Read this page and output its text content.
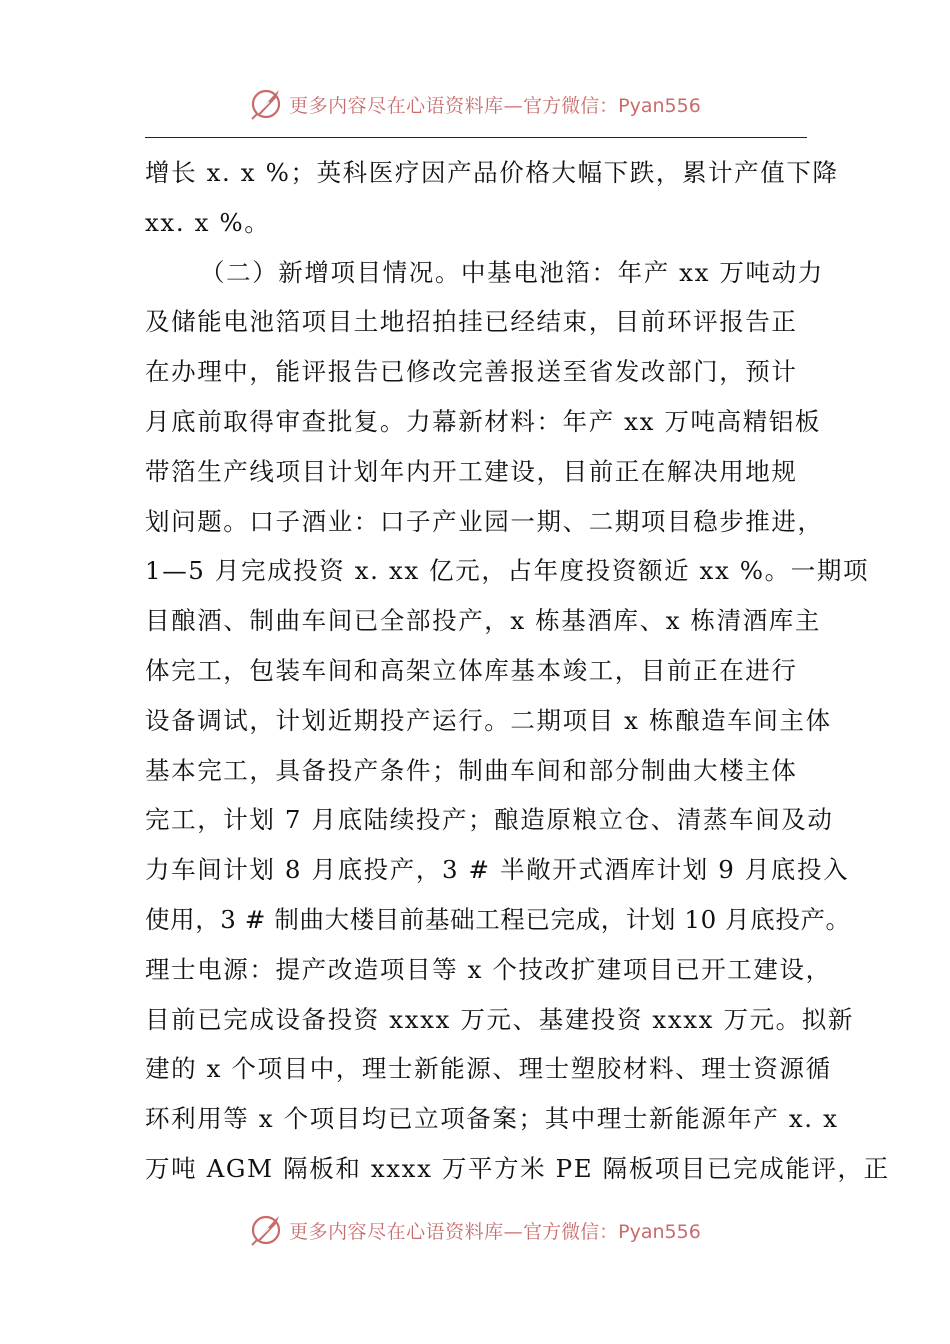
更多内容尽在心语资料库— 官方微信：Pyan556
增长 x. x %；英科医疗因产品价格大幅下跌，累计产值下降
xx. x %。
（二）新增项目情况。中基电池箔：年产 xx 万吨动力
及储能电池箔项目土地招拍挂已经结束，目前环评报告正
在办理中，能评报告已修改完善报送至省发改部门，预计
月底前取得审查批复。力幕新材料：年产 xx 万吨高精铝板
带箔生产线项目计划年内开工建设，目前正在解决用地规
划问题。口子酒业：口子产业园一期、二期项目稳步推进，
1—5 月完成投资 x. xx 亿元，占年度投资额近 xx %。一期项
目酿酒、制曲车间已全部投产，x 栋基酒库、x 栋清酒库主
体完工，包装车间和高架立体库基本竣工，目前正在进行
设备调试，计划近期投产运行。二期项目 x 栋酿造车间主体
基本完工，具备投产条件；制曲车间和部分制曲大楼主体
完工，计划 7 月底陆续投产；酿造原粮立仓、清蒸车间及动
力车间计划 8 月底投产，3 # 半敞开式酒库计划 9 月底投入
使用，3 # 制曲大楼目前基础工程已完成，计划 10 月底投产。
理士电源：提产改造项目等 x 个技改扩建项目已开工建设，
目前已完成设备投资 xxxx 万元、基建投资 xxxx 万元。拟新
建的 x 个项目中，理士新能源、理士塑胶材料、理士资源循
环利用等 x 个项目均已立项备案；其中理士新能源年产 x. x
万吨 AGM 隔板和 xxxx 万平方米 PE 隔板项目已完成能评，正
更多内容尽在心语资料库— 官方微信：Pyan556
